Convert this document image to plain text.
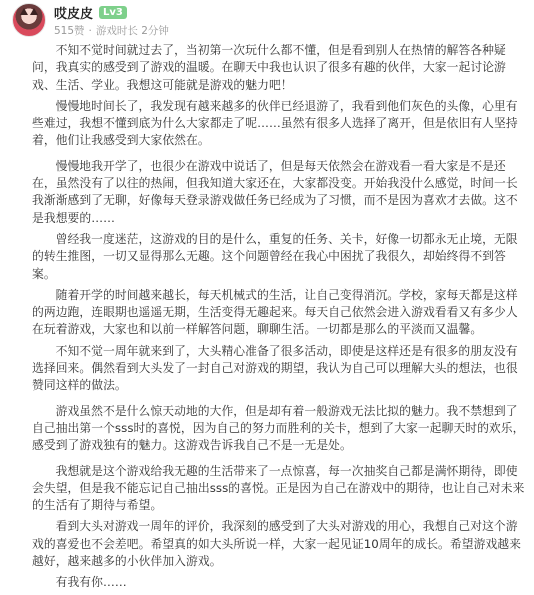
哎皮皮	Lv3
515赞 · 游戏时长 2分钟

不知不觉时间就过去了，当初第一次玩什么都不懂，但是看到别人在热情的解答各种疑问，我真实的感受到了游戏的温暖。在聊天中我也认识了很多有趣的伙伴，大家一起讨论游戏、生活、学业。我想这可能就是游戏的魅力吧！

慢慢地时间长了，我发现有越来越多的伙伴已经退游了，我看到他们灰色的头像，心里有些难过，我想不懂到底为什么大家都走了呢……虽然有很多人选择了离开，但是依旧有人坚持着，他们让我感受到大家依然在。

慢慢地我开学了，也很少在游戏中说话了，但是每天依然会在游戏看一看大家是不是还在，虽然没有了以往的热闹，但我知道大家还在，大家都没变。开始我没什么感觉，时间一长我渐渐感到了无聊，好像每天登录游戏做任务已经成为了习惯，而不是因为喜欢才去做。这不是我想要的……

曾经我一度迷茫，这游戏的目的是什么，重复的任务、关卡，好像一切都永无止境，无限的转生推图，一切又显得那么无趣。这个问题曾经在我心中困扰了我很久，却始终得不到答案。

随着开学的时间越来越长，每天机械式的生活，让自己变得消沉。学校，家每天都是这样的两边跑，连眼期也遥遥无期，生活变得无趣起来。每天自己依然会进入游戏看看又有多少人在玩着游戏，大家也和以前一样解答问题，聊聊生活。一切都是那么的平淡而又温馨。

不知不觉一周年就来到了，大头精心准备了很多活动，即使是这样还是有很多的朋友没有选择回来。偶然看到大头发了一封自己对游戏的期望，我认为自己可以理解大头的想法，也很赞同这样的做法。

游戏虽然不是什么惊天动地的大作，但是却有着一般游戏无法比拟的魅力。我不禁想到了自己抽出第一个sss时的喜悦，因为自己的努力而胜利的关卡，想到了大家一起聊天时的欢乐，感受到了游戏独有的魅力。这游戏告诉我自己不是一无是处。

我想就是这个游戏给我无趣的生活带来了一点惊喜，每一次抽奖自己都是满怀期待，即使会失望，但是我不能忘记自己抽出sss的喜悦。正是因为自己在游戏中的期待，也让自己对未来的生活有了期待与希望。

看到大头对游戏一周年的评价，我深刻的感受到了大头对游戏的用心，我想自己对这个游戏的喜爱也不会差吧。希望真的如大头所说一样，大家一起见证10周年的成长。希望游戏越来越好，越来越多的小伙伴加入游戏。

有我有你……
